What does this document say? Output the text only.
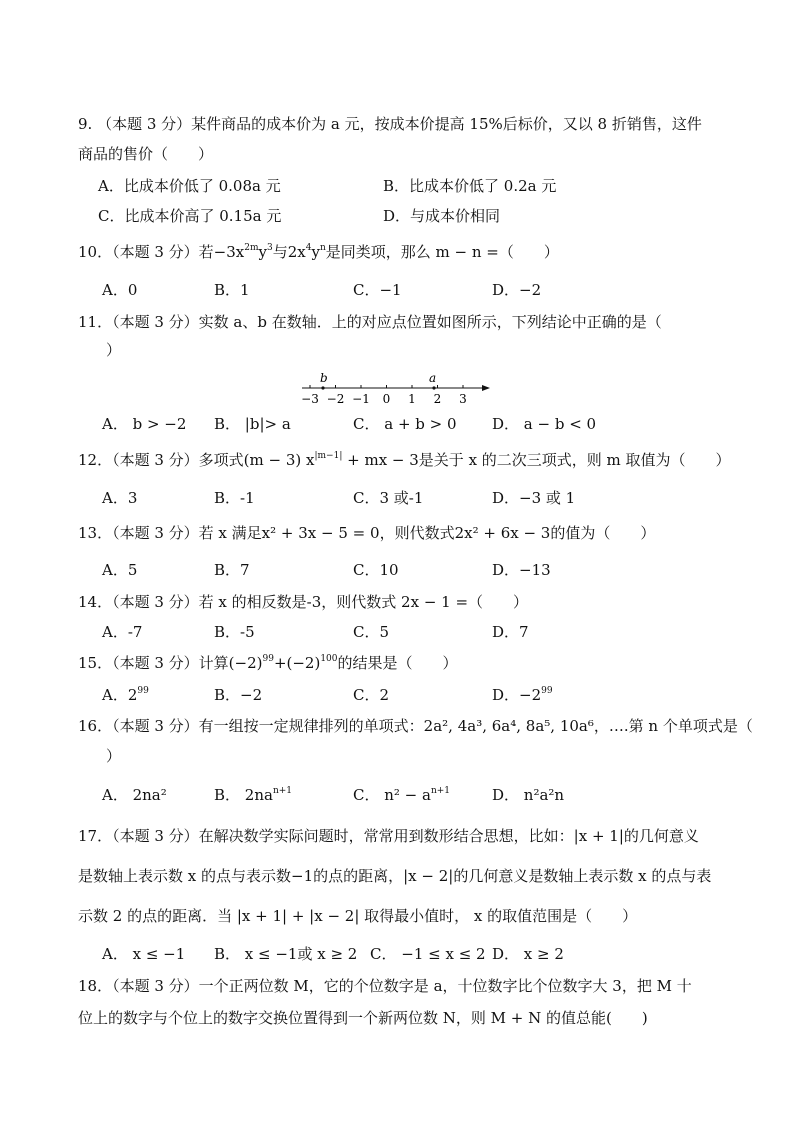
9. （本题 3 分）某件商品的成本价为 a 元，按成本价提高 15%后标价，又以 8 折销售，这件
商品的售价（　　）
A．比成本价低了 0.08a 元	B．比成本价低了 0.2a 元
C．比成本价高了 0.15a 元	D．与成本价相同
10．（本题 3 分）若$-3x^{2m}y^3$与$2x^4y^n$是同类项，那么 m − n =（　　）
A．0	B．1	C．−1	D．−2
11．（本题 3 分）实数 a、b 在数轴．上的对应点位置如图所示，下列结论中正确的是（
）
−3 −2 −1 0 1 2 3
b	a
A． b > −2 B． |b|> a	C． a + b > 0 D． a − b < 0
12．（本题 3 分）多项式(m − 3) $x^{|m-1|}$ + mx − 3是关于 x 的二次三项式，则 m 取值为（　　）
A．3	B．-1	C．3 或-1	D．−3 或 1
13．（本题 3 分）若 x 满足x² + 3x − 5 = 0，则代数式2x² + 6x − 3的值为（　　）
A．5	B．7	C．10	D．−13
14．（本题 3 分）若 x 的相反数是-3，则代数式 2x − 1 =（　　）
A．-7	B．-5	C．5	D．7
15．（本题 3 分）计算$(-2)^{99}+(-2)^{100}$的结果是（　　）
A．$2^{99}$	B．−2	C．2	D．$-2^{99}$
16．（本题 3 分）有一组按一定规律排列的单项式：2a², 4a³, 6a⁴, 8a⁵, 10a⁶，….第 n 个单项式是（
）
A． 2na²	B． $2na^{n+1}$	C． $n^2 - a^{n+1}$	D． n²a²n
17．（本题 3 分）在解决数学实际问题时，常常用到数形结合思想，比如：|x + 1|的几何意义
是数轴上表示数 x 的点与表示数−1的点的距离，|x − 2|的几何意义是数轴上表示数 x 的点与表
示数 2 的点的距离．当 |x + 1| + |x − 2| 取得最小值时， x 的取值范围是（　　）
A． x ≤ −1 B． x ≤ −1或 x ≥ 2 C． −1 ≤ x ≤ 2 D． x ≥ 2
18．（本题 3 分）一个正两位数 M，它的个位数字是 a，十位数字比个位数字大 3，把 M 十
位上的数字与个位上的数字交换位置得到一个新两位数 N，则 M + N 的值总能(　　)
